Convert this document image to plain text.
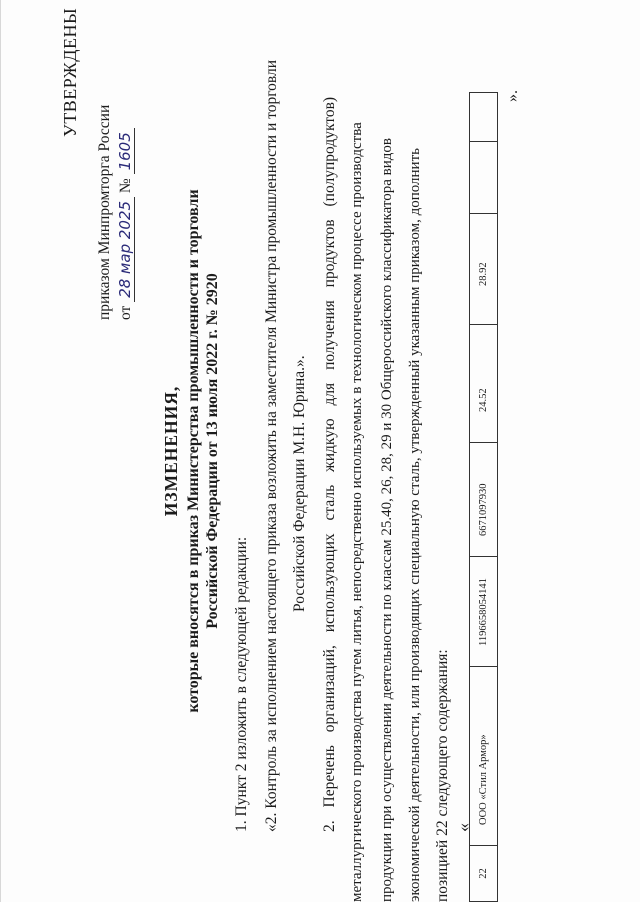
УТВЕРЖДЕНЫ
приказом Минпромторга России от 28 мар 2025 № 1605
ИЗМЕНЕНИЯ, которые вносятся в приказ Министерства промышленности и торговли Российской Федерации от 13 июля 2022 г. № 2920
1. Пункт 2 изложить в следующей редакции: «2. Контроль за исполнением настоящего приказа возложить на заместителя Министра промышленности и торговли Российской Федерации М.Н. Юрина.». 2. Перечень организаций, использующих сталь жидкую для получения продуктов (полупродуктов) металлургического производства путем литья, непосредственно используемых в технологическом процессе производства продукции при осуществлении деятельности по классам 25.40, 26, 28, 29 и 30 Общероссийского классификатора видов экономической деятельности, или производящих специальную сталь, утвержденный указанным приказом, дополнить позицией 22 следующего содержания: «
22
ООО «Стил Армор»
1196658054141
6671097930
24.52
28.92
».
